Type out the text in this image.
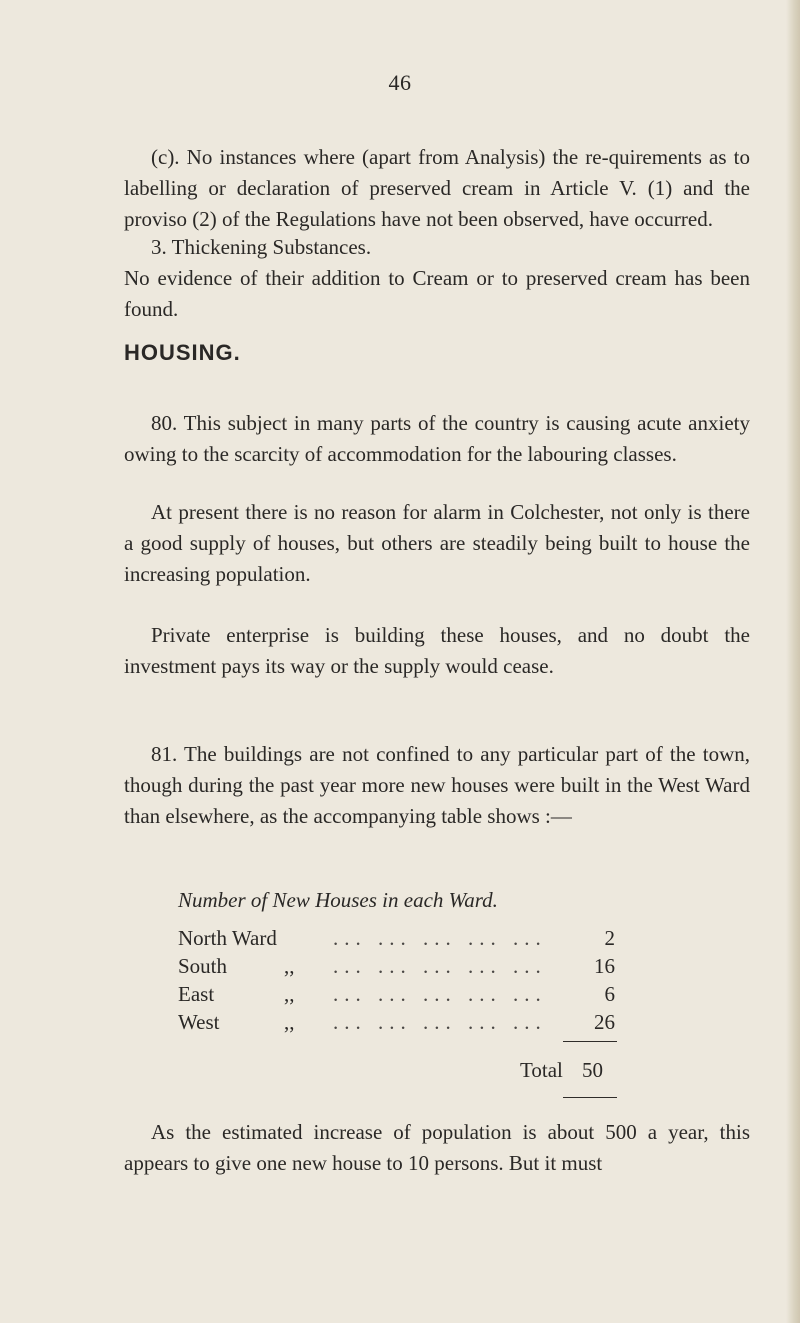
46
(c). No instances where (apart from Analysis) the re-quirements as to labelling or declaration of preserved cream in Article V. (1) and the proviso (2) of the Regulations have not been observed, have occurred.
3. Thickening Substances.
HOUSING.
80. This subject in many parts of the country is causing acute anxiety owing to the scarcity of accommodation for the labouring classes.
At present there is no reason for alarm in Colchester, not only is there a good supply of houses, but others are steadily being built to house the increasing population.
Private enterprise is building these houses, and no doubt the investment pays its way or the supply would cease.
81. The buildings are not confined to any particular part of the town, though during the past year more new houses were built in the West Ward than elsewhere, as the accompanying table shows :—
Number of New Houses in each Ward.
North Ward	... ... ... ... ...	2
South	,, ... ... ... ... ... 16
East	,, ... ... ... ... ...	6
West	,, ... ... ... ... ... 26
Total 50
As the estimated increase of population is about 500 a year, this appears to give one new house to 10 persons. But it must
No evidence of their addition to Cream or to preserved cream has been found.
